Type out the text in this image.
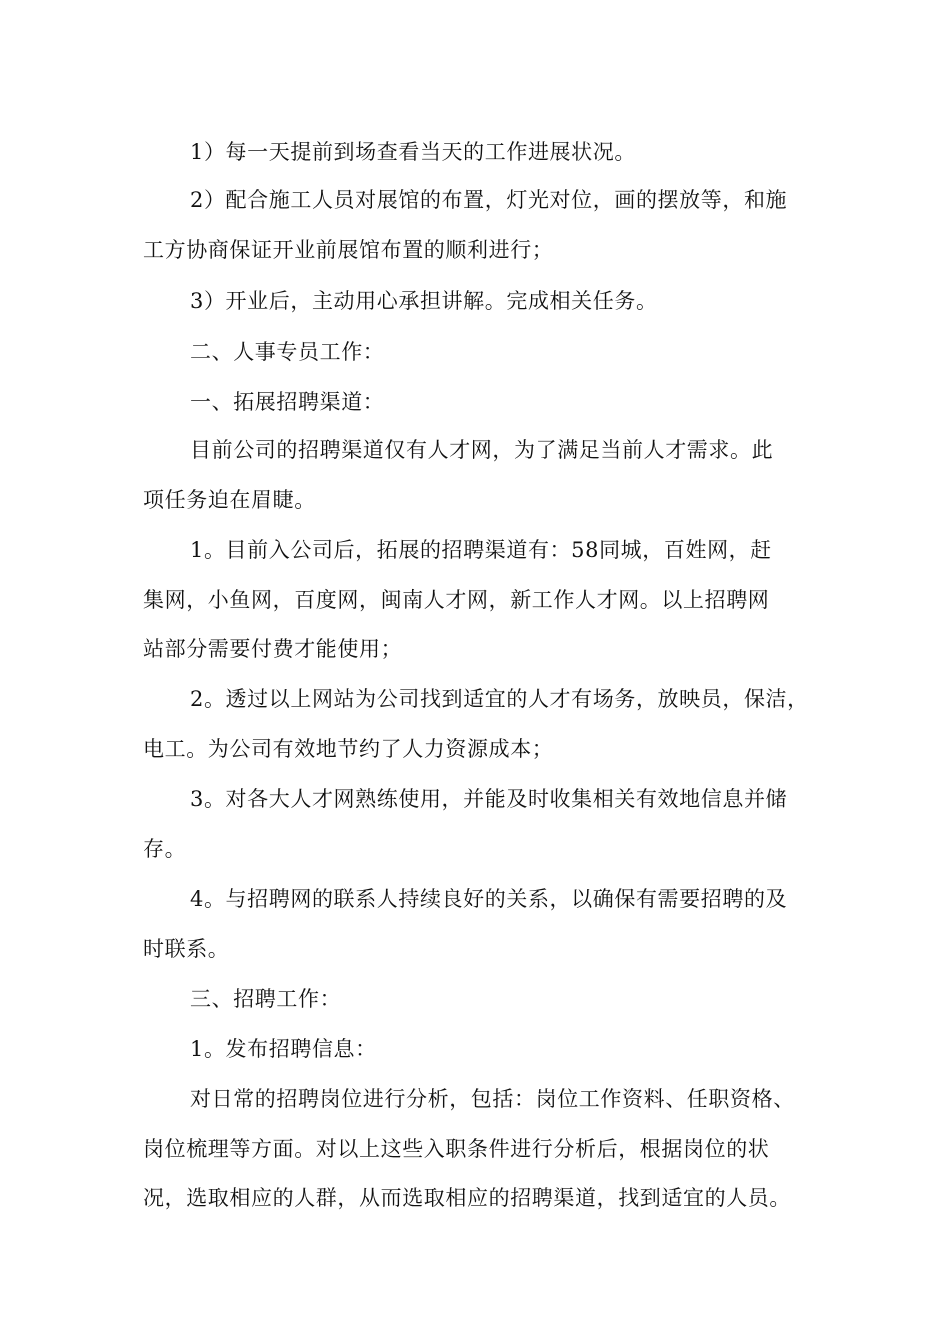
1）每一天提前到场查看当天的工作进展状况。
2）配合施工人员对展馆的布置，灯光对位，画的摆放等，和施
工方协商保证开业前展馆布置的顺利进行；
3）开业后，主动用心承担讲解。完成相关任务。
二、人事专员工作：
一、拓展招聘渠道：
目前公司的招聘渠道仅有人才网，为了满足当前人才需求。此
项任务迫在眉睫。
1。目前入公司后，拓展的招聘渠道有：58同城，百姓网，赶
集网，小鱼网，百度网，闽南人才网，新工作人才网。以上招聘网
站部分需要付费才能使用；
2。透过以上网站为公司找到适宜的人才有场务，放映员，保洁，
电工。为公司有效地节约了人力资源成本；
3。对各大人才网熟练使用，并能及时收集相关有效地信息并储
存。
4。与招聘网的联系人持续良好的关系，以确保有需要招聘的及
时联系。
三、招聘工作：
1。发布招聘信息：
对日常的招聘岗位进行分析，包括：岗位工作资料、任职资格、
岗位梳理等方面。对以上这些入职条件进行分析后，根据岗位的状
况，选取相应的人群，从而选取相应的招聘渠道，找到适宜的人员。
